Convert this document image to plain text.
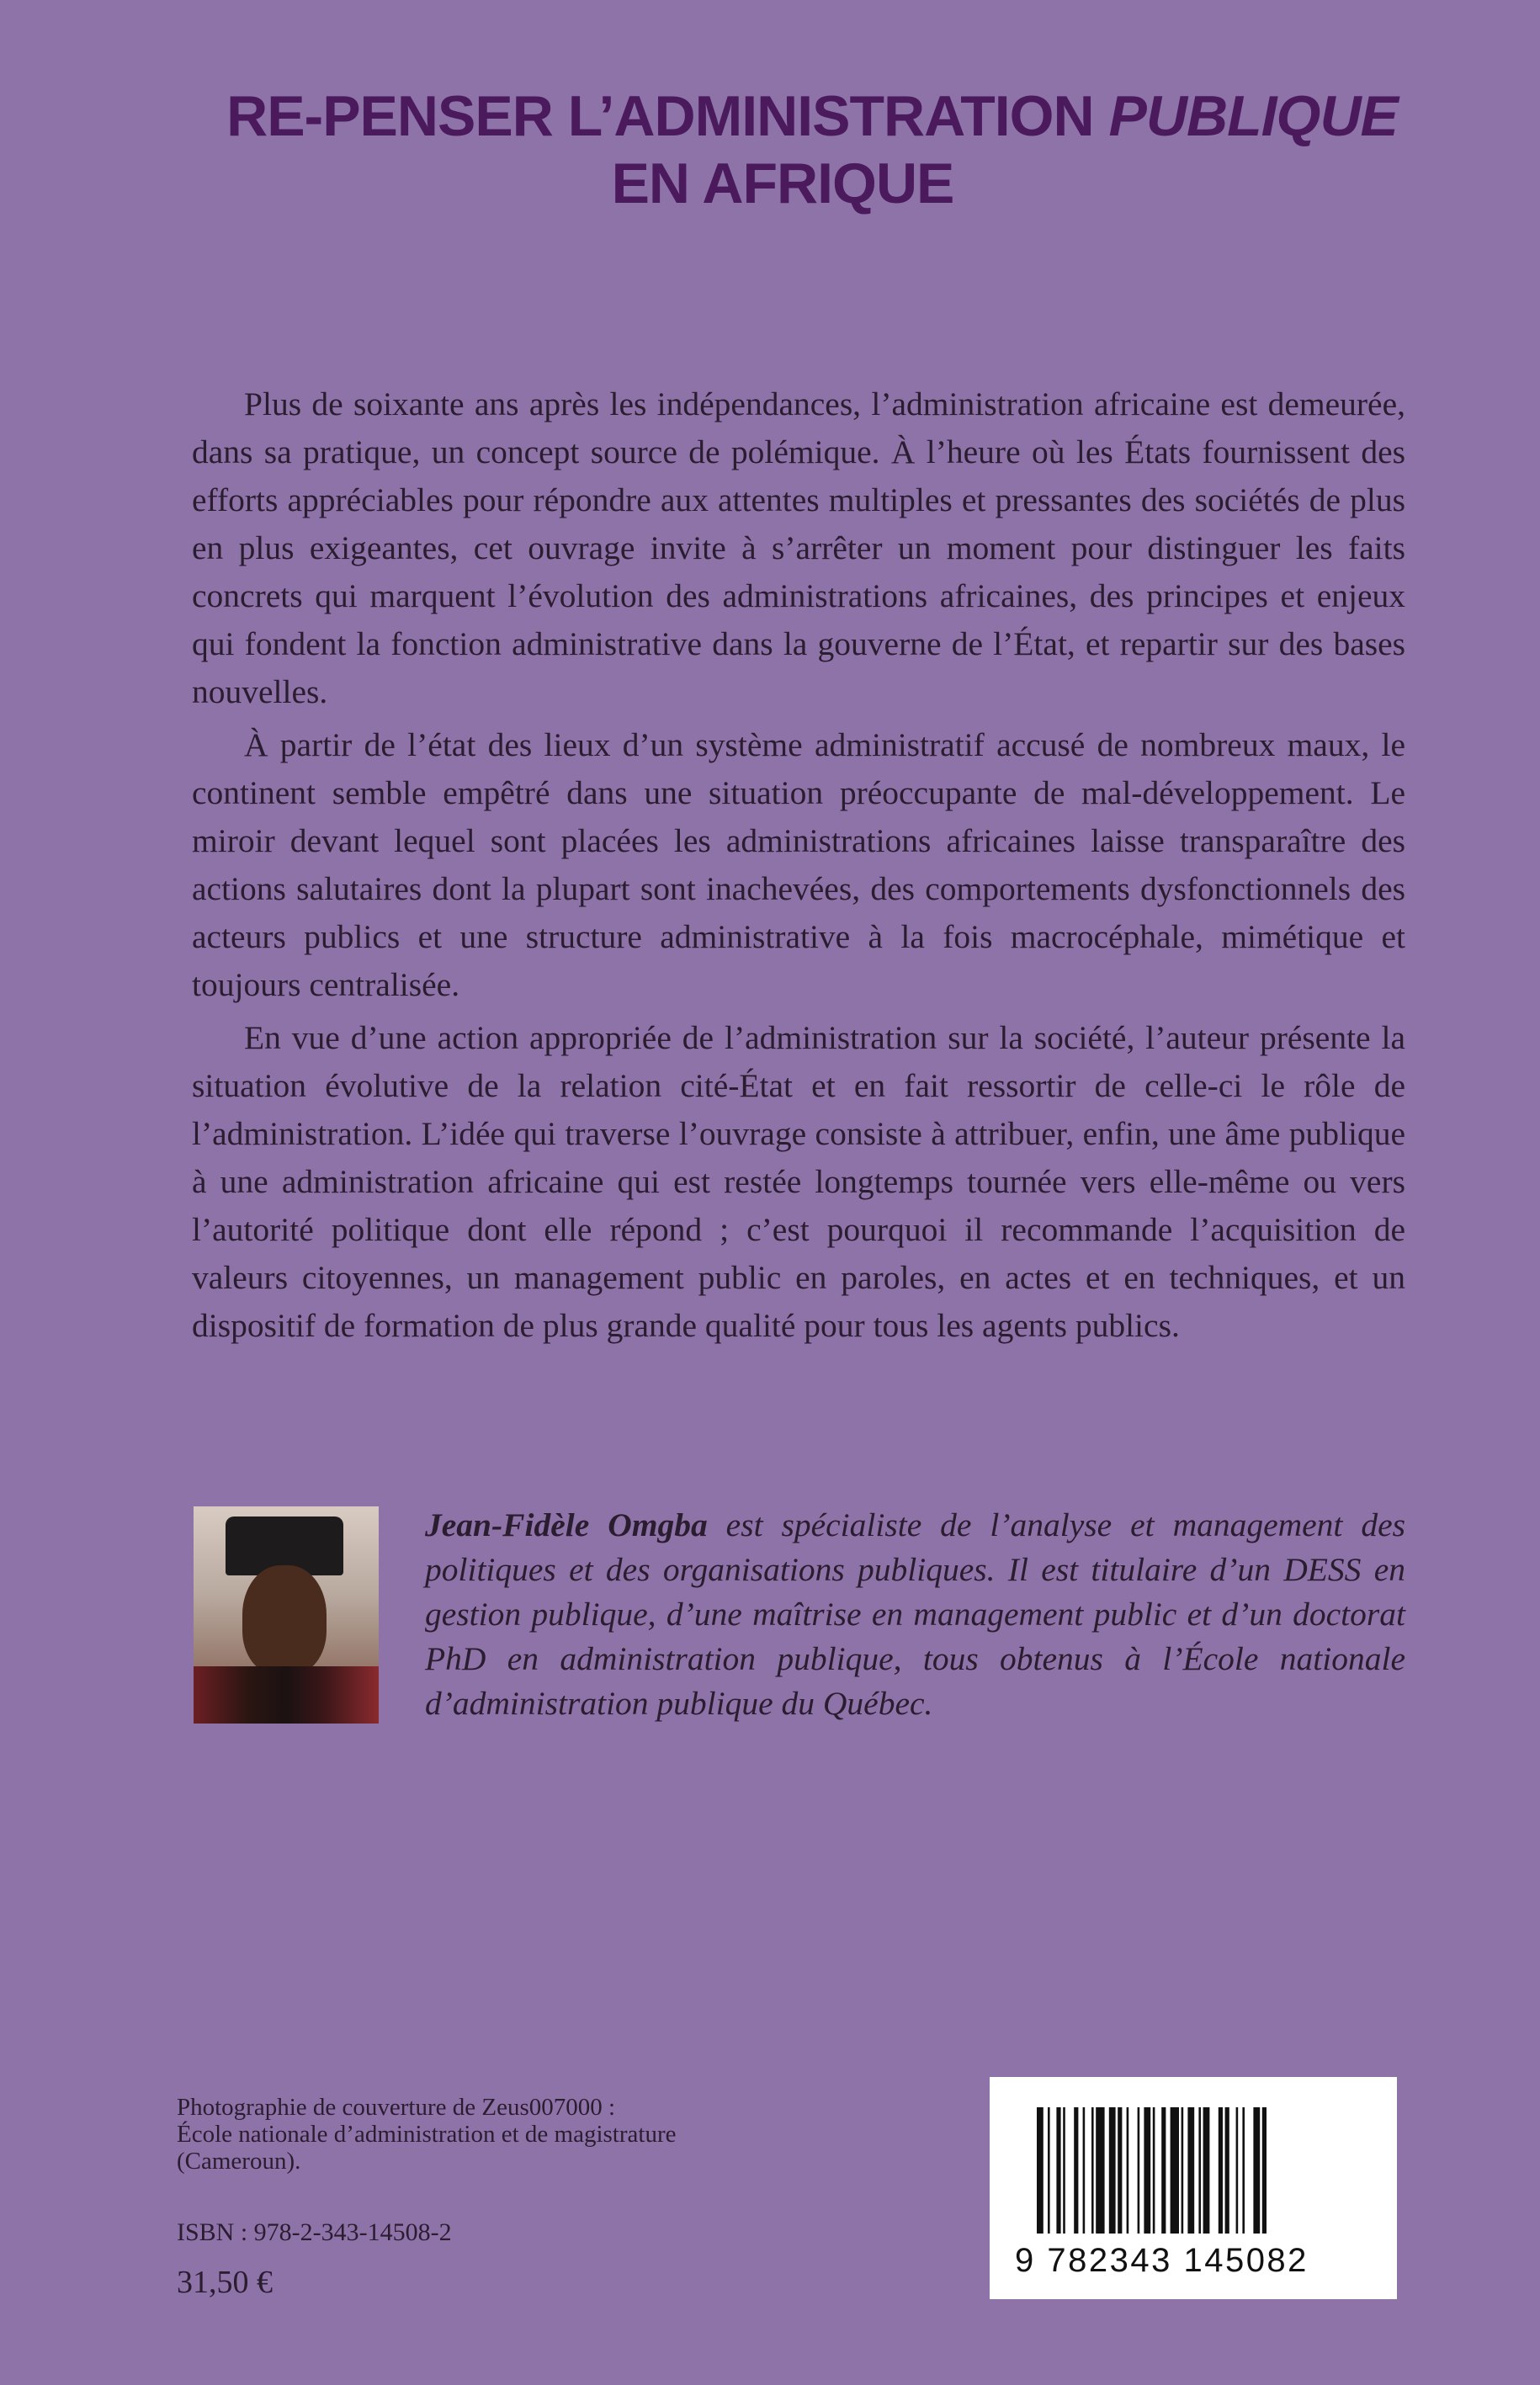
RE-PENSER L’ADMINISTRATION PUBLIQUE
EN AFRIQUE

Plus de soixante ans après les indépendances, l’administration africaine est demeurée, dans sa pratique, un concept source de polémique. À l’heure où les États fournissent des efforts appréciables pour répondre aux attentes multiples et pressantes des sociétés de plus en plus exigeantes, cet ouvrage invite à s’arrêter un moment pour distinguer les faits concrets qui marquent l’évolution des administrations africaines, des principes et enjeux qui fondent la fonction administrative dans la gouverne de l’État, et repartir sur des bases nouvelles.

À partir de l’état des lieux d’un système administratif accusé de nombreux maux, le continent semble empêtré dans une situation préoccupante de mal-développement. Le miroir devant lequel sont placées les administrations africaines laisse transparaître des actions salutaires dont la plupart sont inachevées, des comportements dysfonctionnels des acteurs publics et une structure administrative à la fois macrocéphale, mimétique et toujours centralisée.

En vue d’une action appropriée de l’administration sur la société, l’auteur présente la situation évolutive de la relation cité-État et en fait ressortir de celle-ci le rôle de l’administration. L’idée qui traverse l’ouvrage consiste à attribuer, enfin, une âme publique à une administration africaine qui est restée longtemps tournée vers elle-même ou vers l’autorité politique dont elle répond ; c’est pourquoi il recommande l’acquisition de valeurs citoyennes, un management public en paroles, en actes et en techniques, et un dispositif de formation de plus grande qualité pour tous les agents publics.

Jean-Fidèle Omgba est spécialiste de l’analyse et management des politiques et des organisations publiques. Il est titulaire d’un DESS en gestion publique, d’une maîtrise en management public et d’un doctorat PhD en administration publique, tous obtenus à l’École nationale d’administration publique du Québec.
Photographie de couverture de Zeus007000 :
École nationale d’administration et de magistrature
(Cameroun).
ISBN : 978-2-343-14508-2
31,50 €
9 782343 145082
